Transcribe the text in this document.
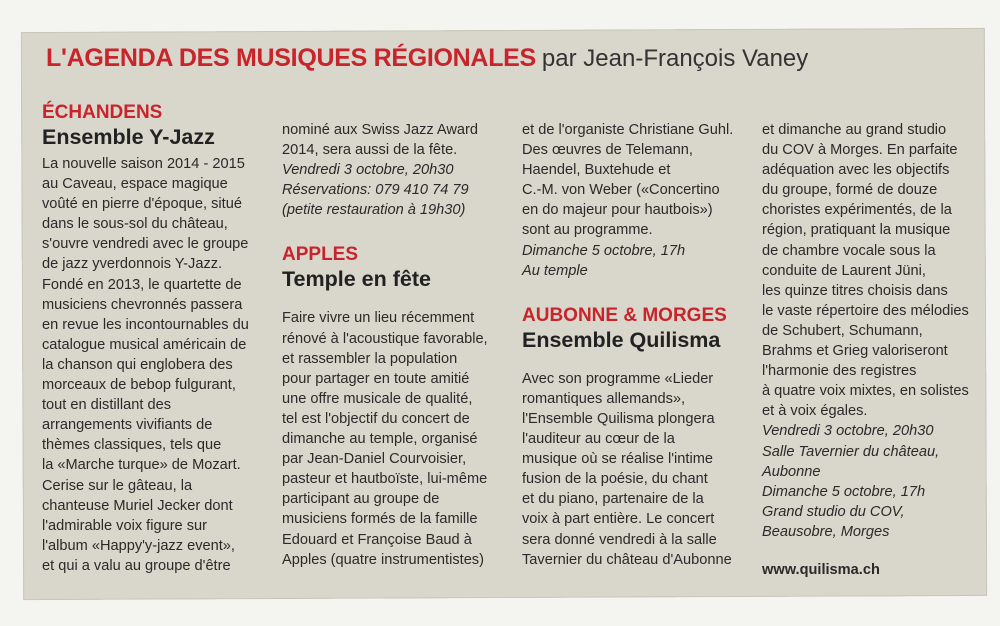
L'AGENDA DES MUSIQUES RÉGIONALES par Jean-François Vaney

ÉCHANDENS

Ensemble Y-Jazz

La nouvelle saison 2014 - 2015

au Caveau, espace magique

voûté en pierre d'époque, situé

dans le sous-sol du château,

s'ouvre vendredi avec le groupe

de jazz yverdonnois Y-Jazz.

Fondé en 2013, le quartette de

musiciens chevronnés passera

en revue les incontournables du

catalogue musical américain de

la chanson qui englobera des

morceaux de bebop fulgurant,

tout en distillant des

arrangements vivifiants de

thèmes classiques, tels que

la «Marche turque» de Mozart.

Cerise sur le gâteau, la

chanteuse Muriel Jecker dont

l'admirable voix figure sur

l'album «Happy'y-jazz event»,

et qui a valu au groupe d'être

nominé aux Swiss Jazz Award

2014, sera aussi de la fête.

Vendredi 3 octobre, 20h30

Réservations: 079 410 74 79

(petite restauration à 19h30)

APPLES

Temple en fête

Faire vivre un lieu récemment

rénové à l'acoustique favorable,

et rassembler la population

pour partager en toute amitié

une offre musicale de qualité,

tel est l'objectif du concert de

dimanche au temple, organisé

par Jean-Daniel Courvoisier,

pasteur et hautboïste, lui-même

participant au groupe de

musiciens formés de la famille

Edouard et Françoise Baud à

Apples (quatre instrumentistes)

et de l'organiste Christiane Guhl.

Des œuvres de Telemann,

Haendel, Buxtehude et

C.-M. von Weber («Concertino

en do majeur pour hautbois»)

sont au programme.

Dimanche 5 octobre, 17h

Au temple

AUBONNE & MORGES

Ensemble Quilisma

Avec son programme «Lieder

romantiques allemands»,

l'Ensemble Quilisma plongera

l'auditeur au cœur de la

musique où se réalise l'intime

fusion de la poésie, du chant

et du piano, partenaire de la

voix à part entière. Le concert

sera donné vendredi à la salle

Tavernier du château d'Aubonne

et dimanche au grand studio

du COV à Morges. En parfaite

adéquation avec les objectifs

du groupe, formé de douze

choristes expérimentés, de la

région, pratiquant la musique

de chambre vocale sous la

conduite de Laurent Jüni,

les quinze titres choisis dans

le vaste répertoire des mélodies

de Schubert, Schumann,

Brahms et Grieg valoriseront

l'harmonie des registres

à quatre voix mixtes, en solistes

et à voix égales.

Vendredi 3 octobre, 20h30

Salle Tavernier du château,

Aubonne

Dimanche 5 octobre, 17h

Grand studio du COV,

Beausobre, Morges

www.quilisma.ch
